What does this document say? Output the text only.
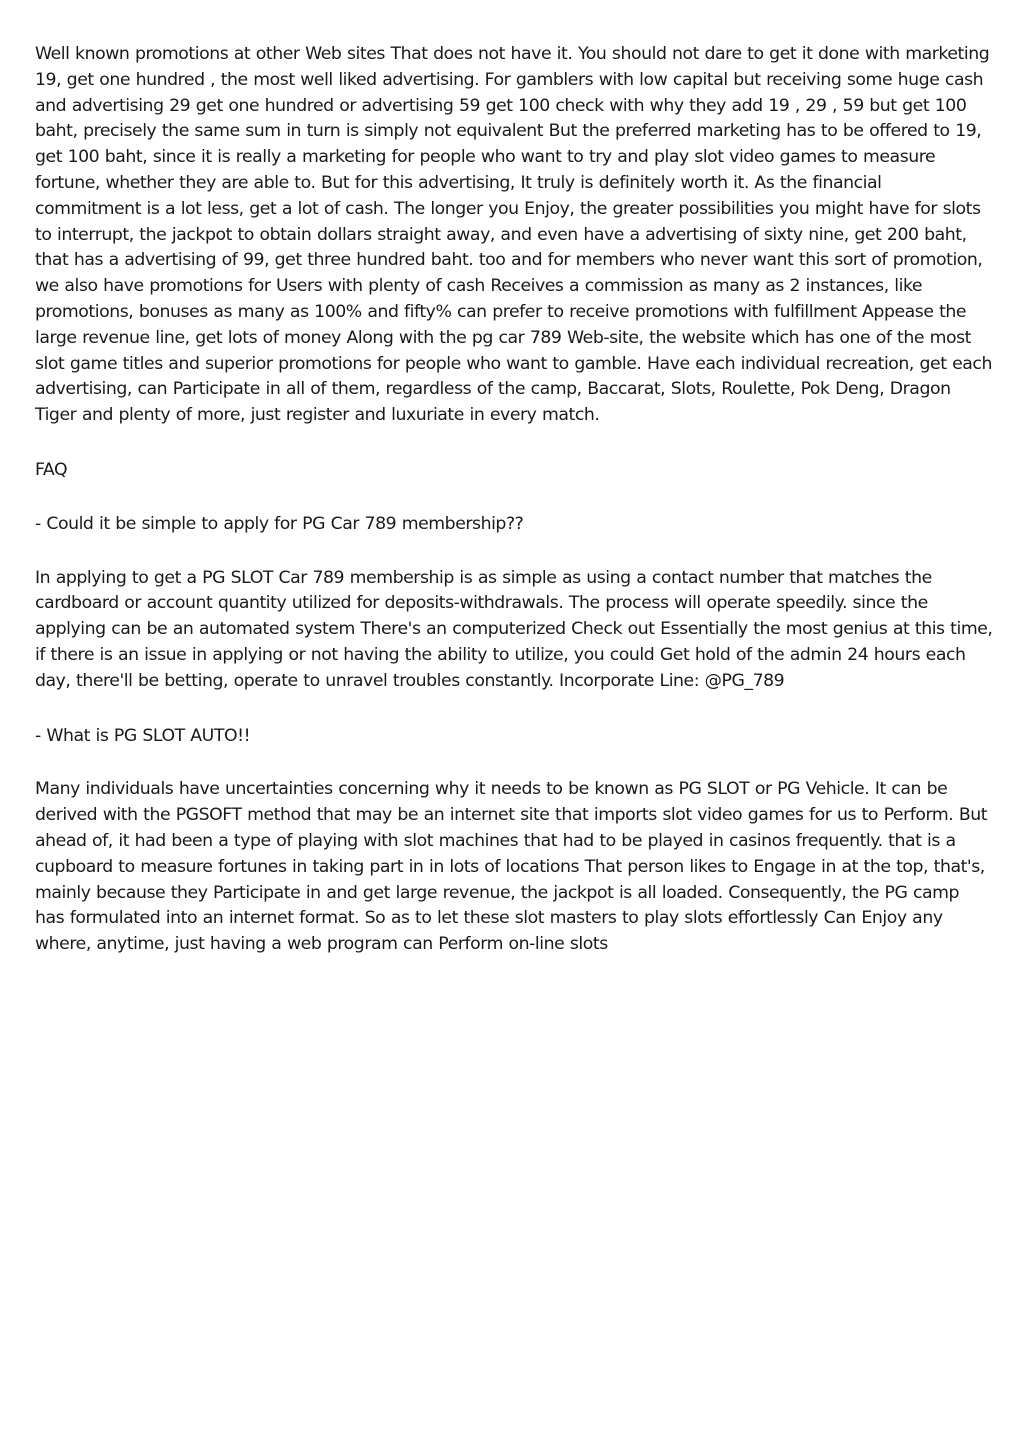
Well known promotions at other Web sites That does not have it. You should not dare to get it done with marketing 19, get one hundred , the most well liked advertising. For gamblers with low capital but receiving some huge cash and advertising 29 get one hundred or advertising 59 get 100 check with why they add 19 , 29 , 59 but get 100 baht, precisely the same sum in turn is simply not equivalent But the preferred marketing has to be offered to 19, get 100 baht, since it is really a marketing for people who want to try and play slot video games to measure fortune, whether they are able to. But for this advertising, It truly is definitely worth it. As the financial commitment is a lot less, get a lot of cash. The longer you Enjoy, the greater possibilities you might have for slots to interrupt, the jackpot to obtain dollars straight away, and even have a advertising of sixty nine, get 200 baht, that has a advertising of 99, get three hundred baht. too and for members who never want this sort of promotion, we also have promotions for Users with plenty of cash Receives a commission as many as 2 instances, like promotions, bonuses as many as 100% and fifty% can prefer to receive promotions with fulfillment Appease the large revenue line, get lots of money Along with the pg car 789 Web-site, the website which has one of the most slot game titles and superior promotions for people who want to gamble. Have each individual recreation, get each advertising, can Participate in all of them, regardless of the camp, Baccarat, Slots, Roulette, Pok Deng, Dragon Tiger and plenty of more, just register and luxuriate in every match.

FAQ

- Could it be simple to apply for PG Car 789 membership??

In applying to get a PG SLOT Car 789 membership is as simple as using a contact number that matches the cardboard or account quantity utilized for deposits-withdrawals. The process will operate speedily. since the applying can be an automated system There's an computerized Check out Essentially the most genius at this time, if there is an issue in applying or not having the ability to utilize, you could Get hold of the admin 24 hours each day, there'll be betting, operate to unravel troubles constantly. Incorporate Line: @PG_789

- What is PG SLOT AUTO!!

Many individuals have uncertainties concerning why it needs to be known as PG SLOT or PG Vehicle. It can be derived with the PGSOFT method that may be an internet site that imports slot video games for us to Perform. But ahead of, it had been a type of playing with slot machines that had to be played in casinos frequently. that is a cupboard to measure fortunes in taking part in in lots of locations That person likes to Engage in at the top, that's, mainly because they Participate in and get large revenue, the jackpot is all loaded. Consequently, the PG camp has formulated into an internet format. So as to let these slot masters to play slots effortlessly Can Enjoy any where, anytime, just having a web program can Perform on-line slots
